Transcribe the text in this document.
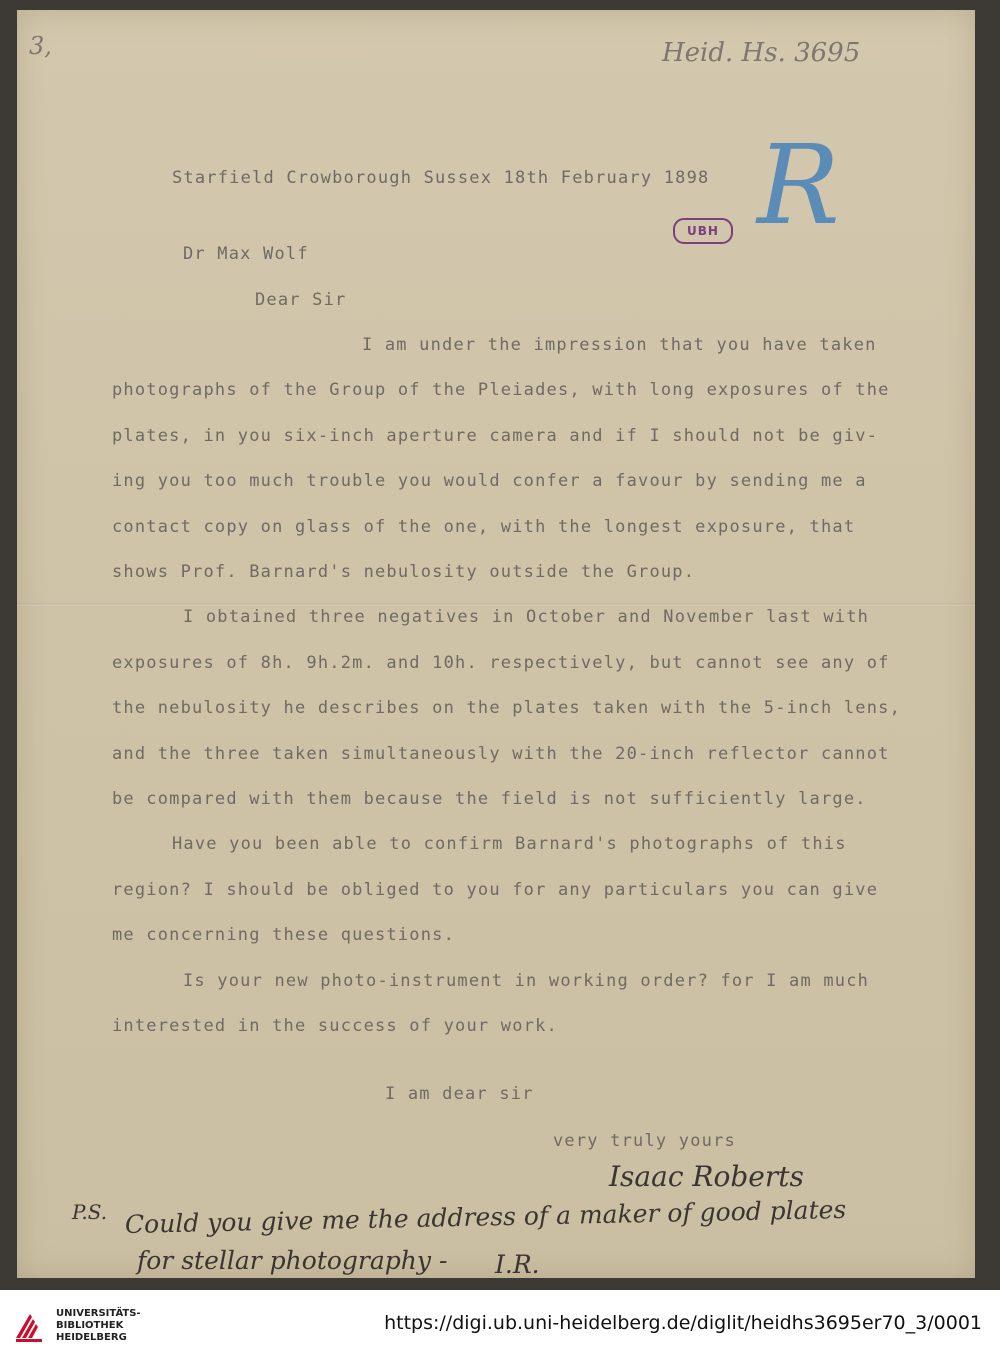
3,	Heid. Hs. 3695
R
UBH
Starfield Crowborough Sussex 18th February 1898
Dr Max Wolf
Dear Sir
I am under the impression that you have taken
photographs of the Group of the Pleiades, with long exposures of the
plates, in you six-inch aperture camera and if I should not be giv-
ing you too much trouble you would confer a favour by sending me a
contact copy on glass of the one, with the longest exposure, that
shows Prof. Barnard's nebulosity outside the Group.
I obtained three negatives in October and November last with
exposures of 8h. 9h.2m. and 10h. respectively, but cannot see any of
the nebulosity he describes on the plates taken with the 5-inch lens,
and the three taken simultaneously with the 20-inch reflector cannot
be compared with them because the field is not sufficiently large.
Have you been able to confirm Barnard's photographs of this
region? I should be obliged to you for any particulars you can give
me concerning these questions.
Is your new photo-instrument in working order? for I am much
interested in the success of your work.
I am dear sir
very truly yours
Isaac Roberts
P.S. Could you give me the address of a maker of good plates
for stellar photography - I.R.
UNIVERSITÄTS-
BIBLIOTHEK
HEIDELBERG
https://digi.ub.uni-heidelberg.de/diglit/heidhs3695er70_3/0001
